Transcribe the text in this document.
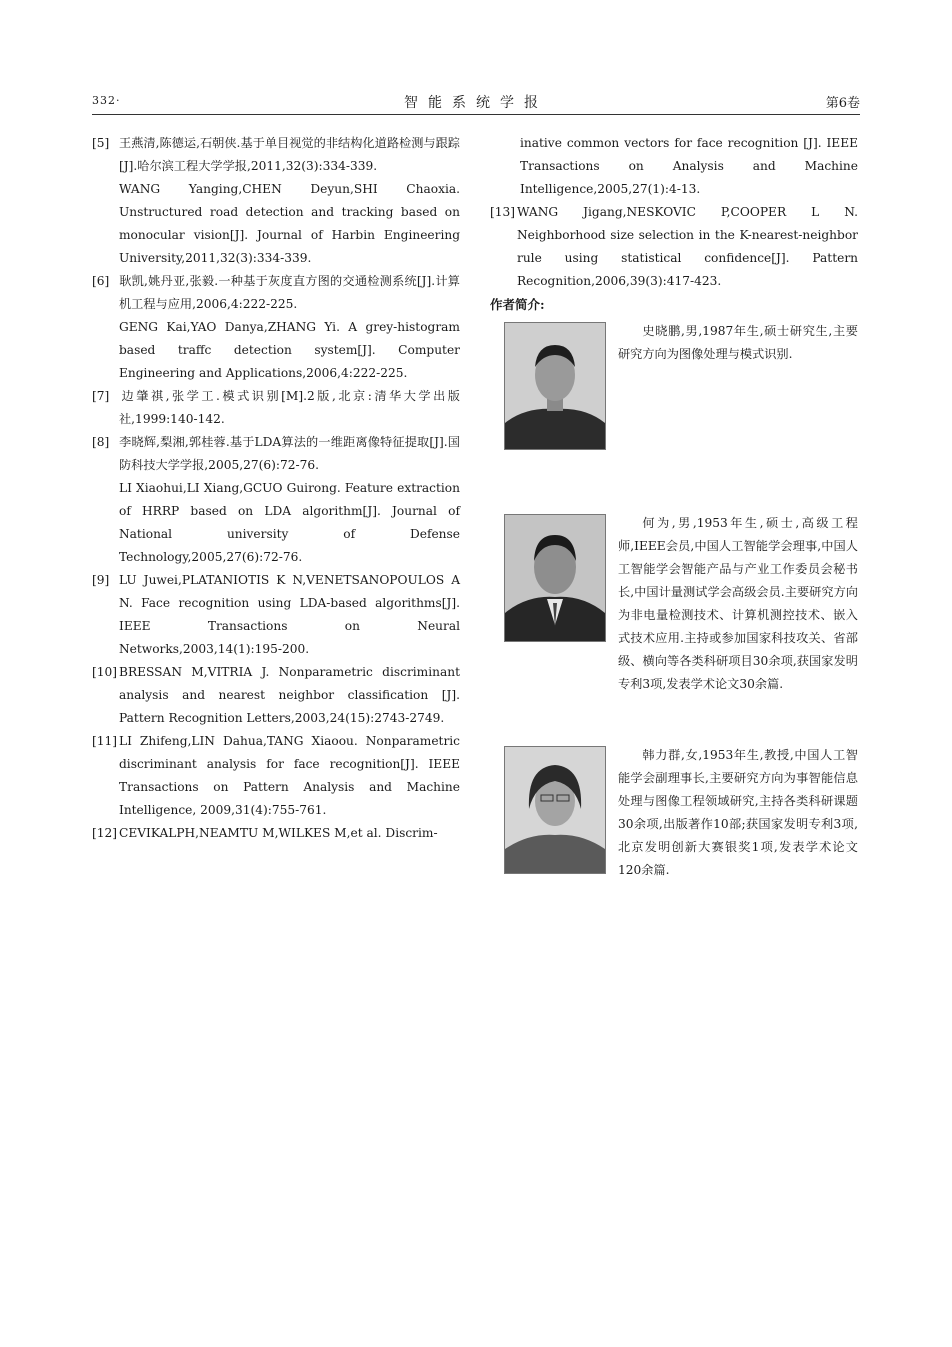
332·	智能系统学报	第6卷
[5] 王燕清,陈德运,石朝侠.基于单目视觉的非结构化道路检测与跟踪[J].哈尔滨工程大学学报,2011,32(3):334-339.
WANG Yanging,CHEN Deyun,SHI Chaoxia. Unstructured road detection and tracking based on monocular vision[J]. Journal of Harbin Engineering University,2011,32(3):334-339.
[6] 耿凯,姚丹亚,张毅.一种基于灰度直方图的交通检测系统[J].计算机工程与应用,2006,4:222-225.
GENG Kai,YAO Danya,ZHANG Yi. A grey-histogram based traffc detection system[J]. Computer Engineering and Applications,2006,4:222-225.
[7] 边肇祺,张学工.模式识别[M].2版,北京:清华大学出版社,1999:140-142.
[8] 李晓辉,梨湘,郭桂蓉.基于LDA算法的一维距离像特征提取[J].国防科技大学学报,2005,27(6):72-76.
LI Xiaohui,LI Xiang,GCUO Guirong. Feature extraction of HRRP based on LDA algorithm[J]. Journal of National university of Defense Technology,2005,27(6):72-76.
[9] LU Juwei,PLATANIOTIS K N,VENETSANOPOULOS A N. Face recognition using LDA-based algorithms[J]. IEEE Transactions on Neural Networks,2003,14(1):195-200.
[10] BRESSAN M,VITRIA J. Nonparametric discriminant analysis and nearest neighbor classification [J]. Pattern Recognition Letters,2003,24(15):2743-2749.
[11] LI Zhifeng,LIN Dahua,TANG Xiaoou. Nonparametric discriminant analysis for face recognition[J]. IEEE Transactions on Pattern Analysis and Machine Intelligence, 2009,31(4):755-761.
[12] CEVIKALPH,NEAMTU M,WILKES M,et al. Discrim-
inative common vectors for face recognition [J]. IEEE Transactions on Analysis and Machine Intelligence,2005,27(1):4-13.
[13] WANG Jigang,NESKOVIC P,COOPER L N. Neighborhood size selection in the K-nearest-neighbor rule using statistical confidence[J]. Pattern Recognition,2006,39(3):417-423.
作者简介:
史晓鹏,男,1987年生,硕士研究生,主要研究方向为图像处理与模式识别.
何为,男,1953年生,硕士,高级工程师,IEEE会员,中国人工智能学会理事,中国人工智能学会智能产品与产业工作委员会秘书长,中国计量测试学会高级会员.主要研究方向为非电量检测技术、计算机测控技术、嵌入式技术应用.主持或参加国家科技攻关、省部级、横向等各类科研项目30余项,获国家发明专利3项,发表学术论文30余篇.
韩力群,女,1953年生,教授,中国人工智能学会副理事长,主要研究方向为事智能信息处理与图像工程领域研究,主持各类科研课题30余项,出版著作10部;获国家发明专利3项,北京发明创新大赛银奖1项,发表学术论文120余篇.
